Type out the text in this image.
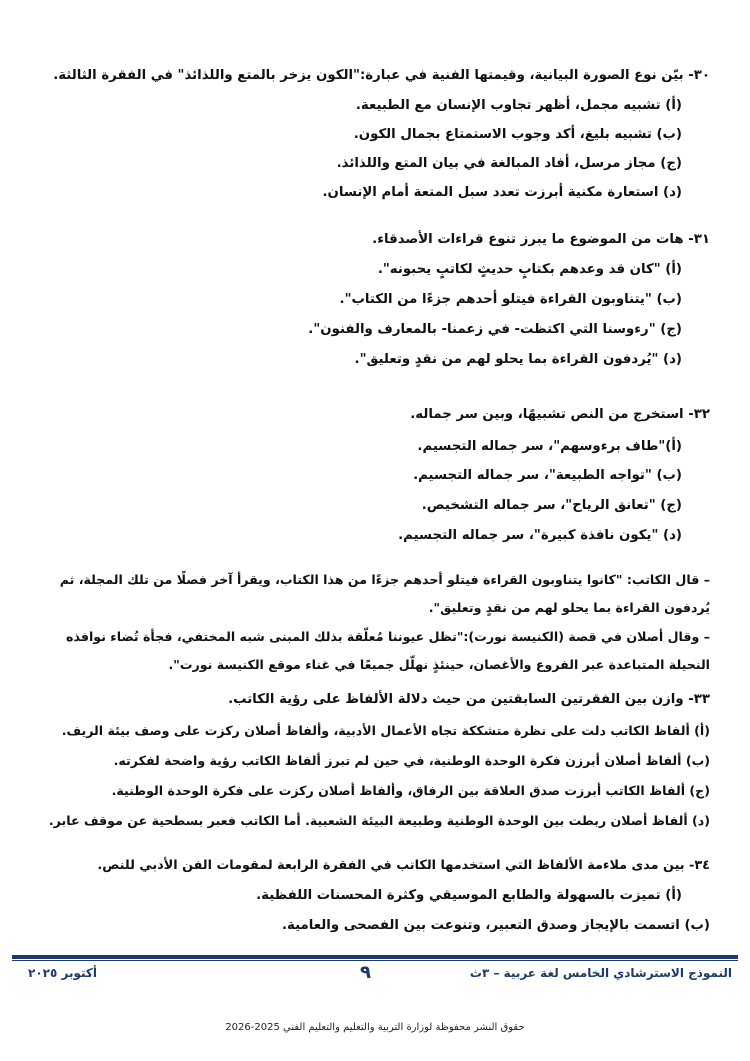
٣٠- بيّن نوع الصورة البيانية، وقيمتها الفنية في عبارة:"الكون يزخر بالمتع واللذائذ" في الفقرة الثالثة.

(أ) تشبيه مجمل، أظهر تجاوب الإنسان مع الطبيعة.

(ب) تشبيه بليغ، أكد وجوب الاستمتاع بجمال الكون.

(ج) مجاز مرسل، أفاد المبالغة في بيان المتع واللذائذ.

(د) استعارة مكنية أبرزت تعدد سبل المتعة أمام الإنسان.

٣١- هات من الموضوع ما يبرز تنوع قراءات الأصدقاء.

(أ) "كان قد وعدهم بكتابٍ حديثٍ لكاتبٍ يحبونه".

(ب) "يتناوبون القراءة فيتلو أحدهم جزءًا من الكتاب".

(ج) "رءوسنا التي اكتظت- في زعمنا- بالمعارف والفنون".

(د) "يُردفون القراءة بما يحلو لهم من نقدٍ وتعليق".

٣٢- استخرج من النص تشبيهًا، وبين سر جماله.

(أ)"طاف برءوسهم"، سر جماله التجسيم.

(ب) "تواجه الطبيعة"، سر جماله التجسيم.

(ج) "تعانق الرياح"، سر جماله التشخيص.

(د) "يكون نافذة كبيرة"، سر جماله التجسيم.

– قال الكاتب: "كانوا يتناوبون القراءة فيتلو أحدهم جزءًا من هذا الكتاب، ويقرأ آخر فصلًا من تلك المجلة، ثم

يُردفون القراءة بما يحلو لهم من نقدٍ وتعليق".

– وقال أصلان في قصة (الكنيسة نورت):"تظل عيوننا مُعلّقة بذلك المبنى شبه المختفي، فجأة تُضاء نوافذه

النحيلة المتباعدة عبر الفروع والأغصان، حينئذٍ نهلّل جميعًا في غناء موقع الكنيسة نورت".

٣٣- وازن بين الفقرتين السابقتين من حيث دلالة الألفاظ على رؤية الكاتب.

(أ) ألفاظ الكاتب دلت على نظرة متشككة تجاه الأعمال الأدبية، وألفاظ أصلان ركزت على وصف بيئة الريف.

(ب) ألفاظ أصلان أبرزن فكرة الوحدة الوطنية، في حين لم تبرز ألفاظ الكاتب رؤية واضحة لفكرته.

(ج) ألفاظ الكاتب أبرزت صدق العلاقة بين الرفاق، وألفاظ أصلان ركزت على فكرة الوحدة الوطنية.

(د) ألفاظ أصلان ربطت بين الوحدة الوطنية وطبيعة البيئة الشعبية. أما الكاتب فعبر بسطحية عن موقف عابر.

٣٤- بين مدى ملاءمة الألفاظ التي استخدمها الكاتب في الفقرة الرابعة لمقومات الفن الأدبي للنص.

(أ) تميزت بالسهولة والطابع الموسيقي وكثرة المحسنات اللفظية.

(ب) اتسمت بالإيجاز وصدق التعبير، وتنوعت بين الفصحى والعامية.

النموذج الاسترشادي الخامس لغة عربية – ٣ث
٩
أكتوبر ٢٠٢٥
حقوق النشر محفوظة لوزارة التربية والتعليم والتعليم الفني 2025-2026
